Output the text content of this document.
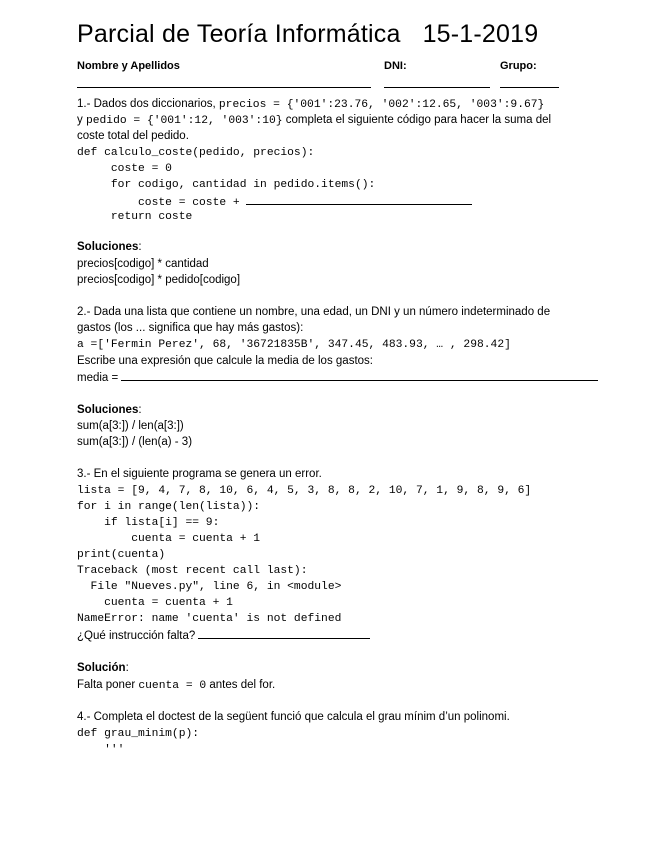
Parcial de Teoría Informática 15-1-2019
Nombre y Apellidos	DNI:	Grupo:
1.- Dados dos diccionarios, precios = {'001':23.76, '002':12.65, '003':9.67}
y pedido = {'001':12, '003':10} completa el siguiente código para hacer la suma del
coste total del pedido.
def calculo_coste(pedido, precios):
coste = 0
for codigo, cantidad in pedido.items():
coste = coste +
return coste
Soluciones:
precios[codigo] * cantidad
precios[codigo] * pedido[codigo]
2.- Dada una lista que contiene un nombre, una edad, un DNI y un número indeterminado de
gastos (los ... significa que hay más gastos):
a =['Fermin Perez', 68, '36721835B', 347.45, 483.93, … , 298.42]
Escribe una expresión que calcule la media de los gastos:
media =
Soluciones:
sum(a[3:]) / len(a[3:])
sum(a[3:]) / (len(a) - 3)
3.- En el siguiente programa se genera un error.
lista = [9, 4, 7, 8, 10, 6, 4, 5, 3, 8, 8, 2, 10, 7, 1, 9, 8, 9, 6]
for i in range(len(lista)):
if lista[i] == 9:
cuenta = cuenta + 1
print(cuenta)
Traceback (most recent call last):
File "Nueves.py", line 6, in <module>
cuenta = cuenta + 1
NameError: name 'cuenta' is not defined
¿Qué instrucción falta?
Solución:
Falta poner cuenta = 0 antes del for.
4.- Completa el doctest de la següent funció que calcula el grau mínim d’un polinomi.
def grau_minim(p):
'''
